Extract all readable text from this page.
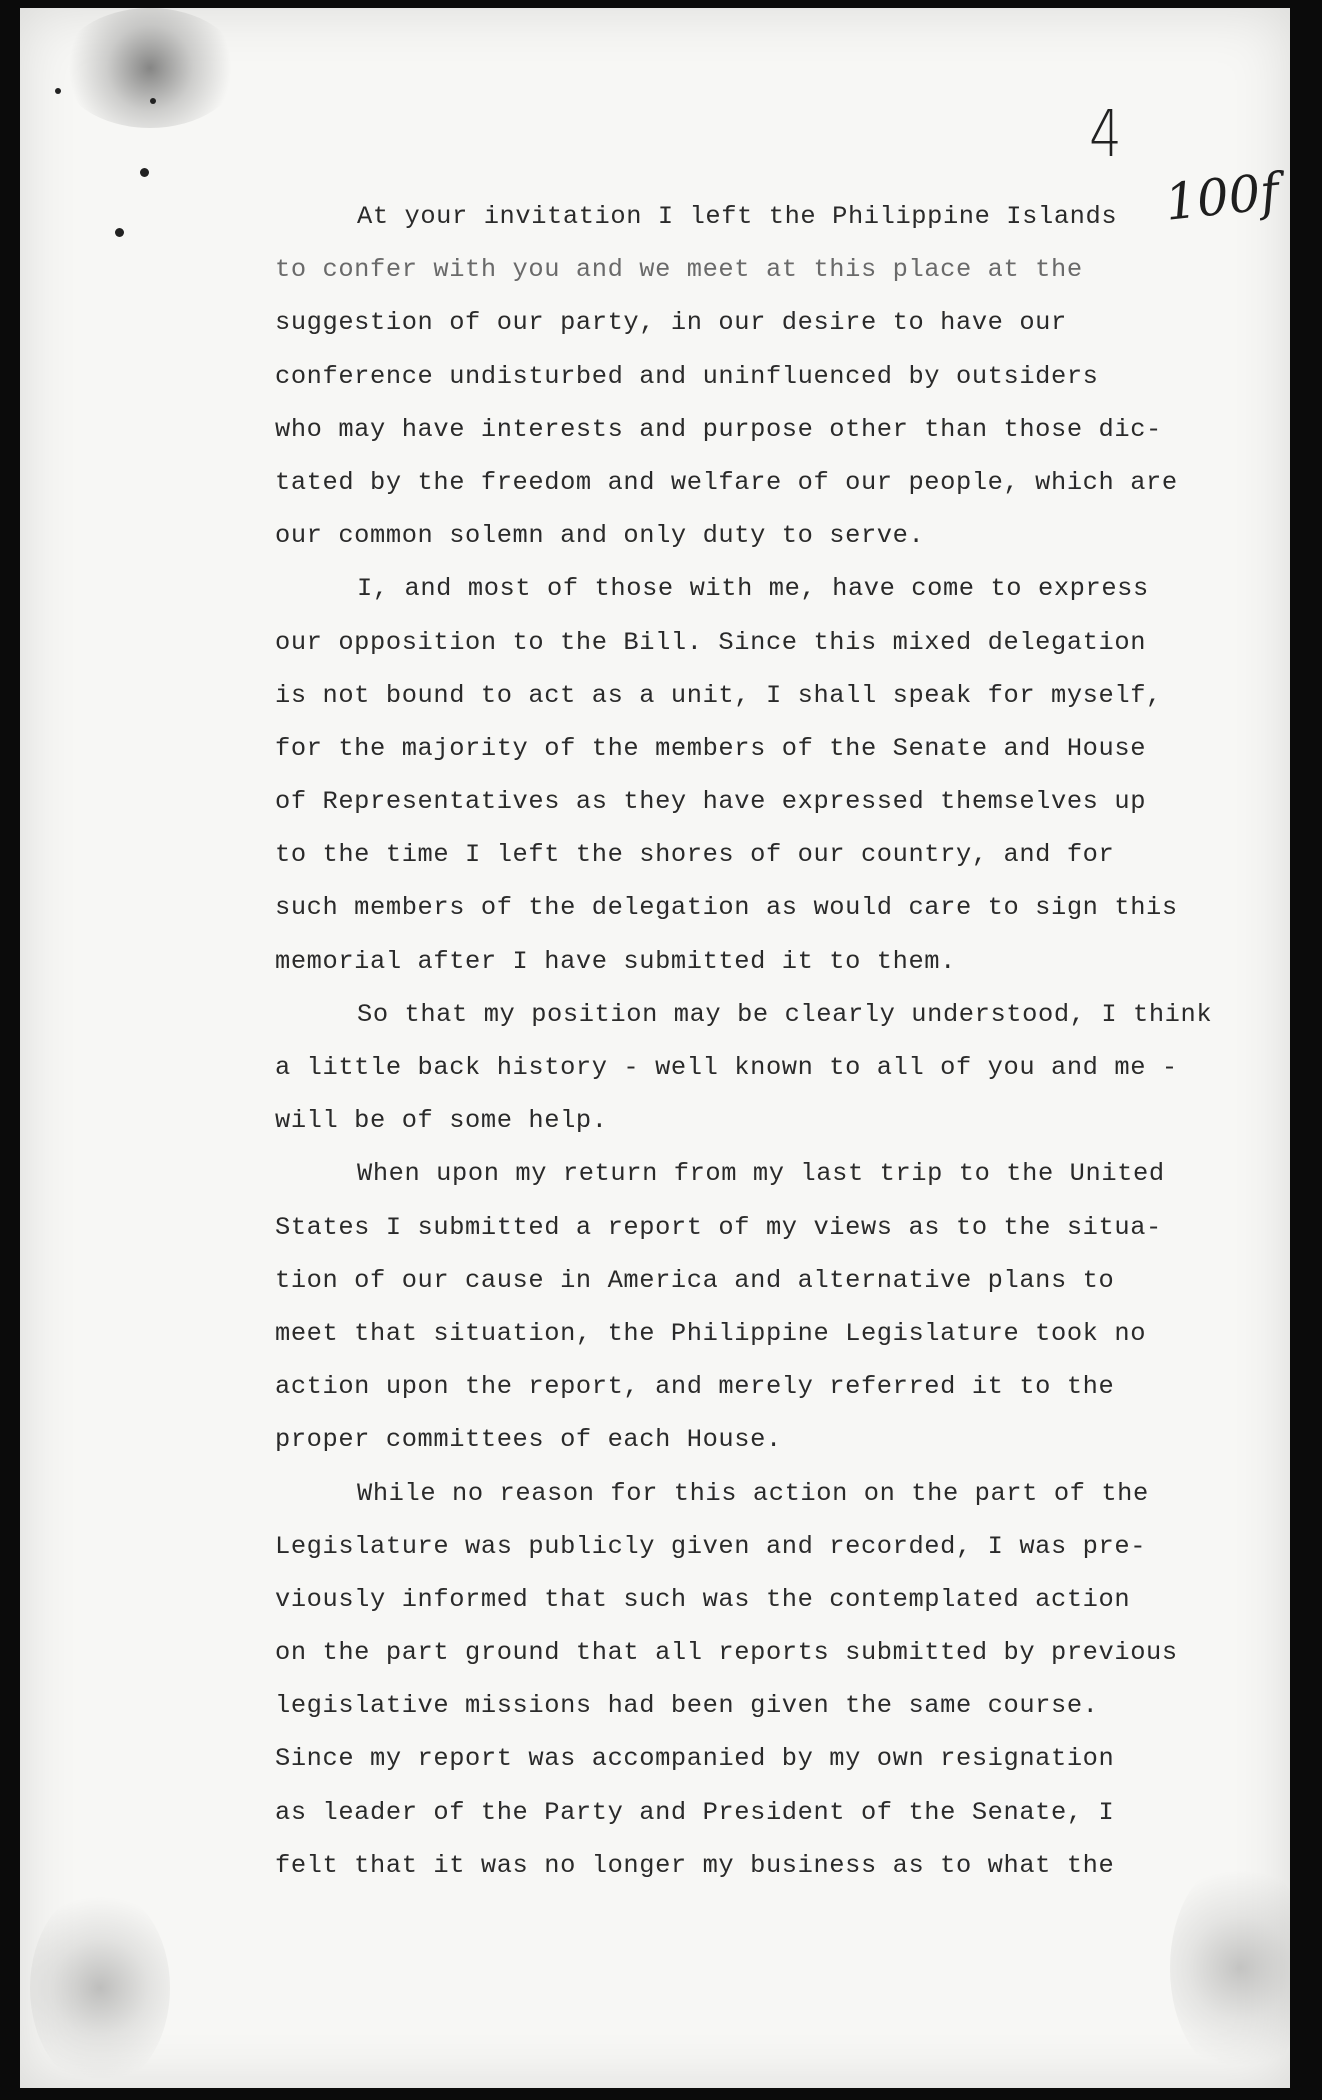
4
100f
At your invitation I left the Philippine Islands
to confer with you and we meet at this place at the
suggestion of our party, in our desire to have our
conference undisturbed and uninfluenced by outsiders
who may have interests and purpose other than those dic-
tated by the freedom and welfare of our people, which are
our common solemn and only duty to serve.
I, and most of those with me, have come to express
our opposition to the Bill. Since this mixed delegation
is not bound to act as a unit, I shall speak for myself,
for the majority of the members of the Senate and House
of Representatives as they have expressed themselves up
to the time I left the shores of our country, and for
such members of the delegation as would care to sign this
memorial after I have submitted it to them.
So that my position may be clearly understood, I think
a little back history - well known to all of you and me -
will be of some help.
When upon my return from my last trip to the United
States I submitted a report of my views as to the situa-
tion of our cause in America and alternative plans to
meet that situation, the Philippine Legislature took no
action upon the report, and merely referred it to the
proper committees of each House.
While no reason for this action on the part of the
Legislature was publicly given and recorded, I was pre-
viously informed that such was the contemplated action
on the part ground that all reports submitted by previous
legislative missions had been given the same course.
Since my report was accompanied by my own resignation
as leader of the Party and President of the Senate, I
felt that it was no longer my business as to what the
